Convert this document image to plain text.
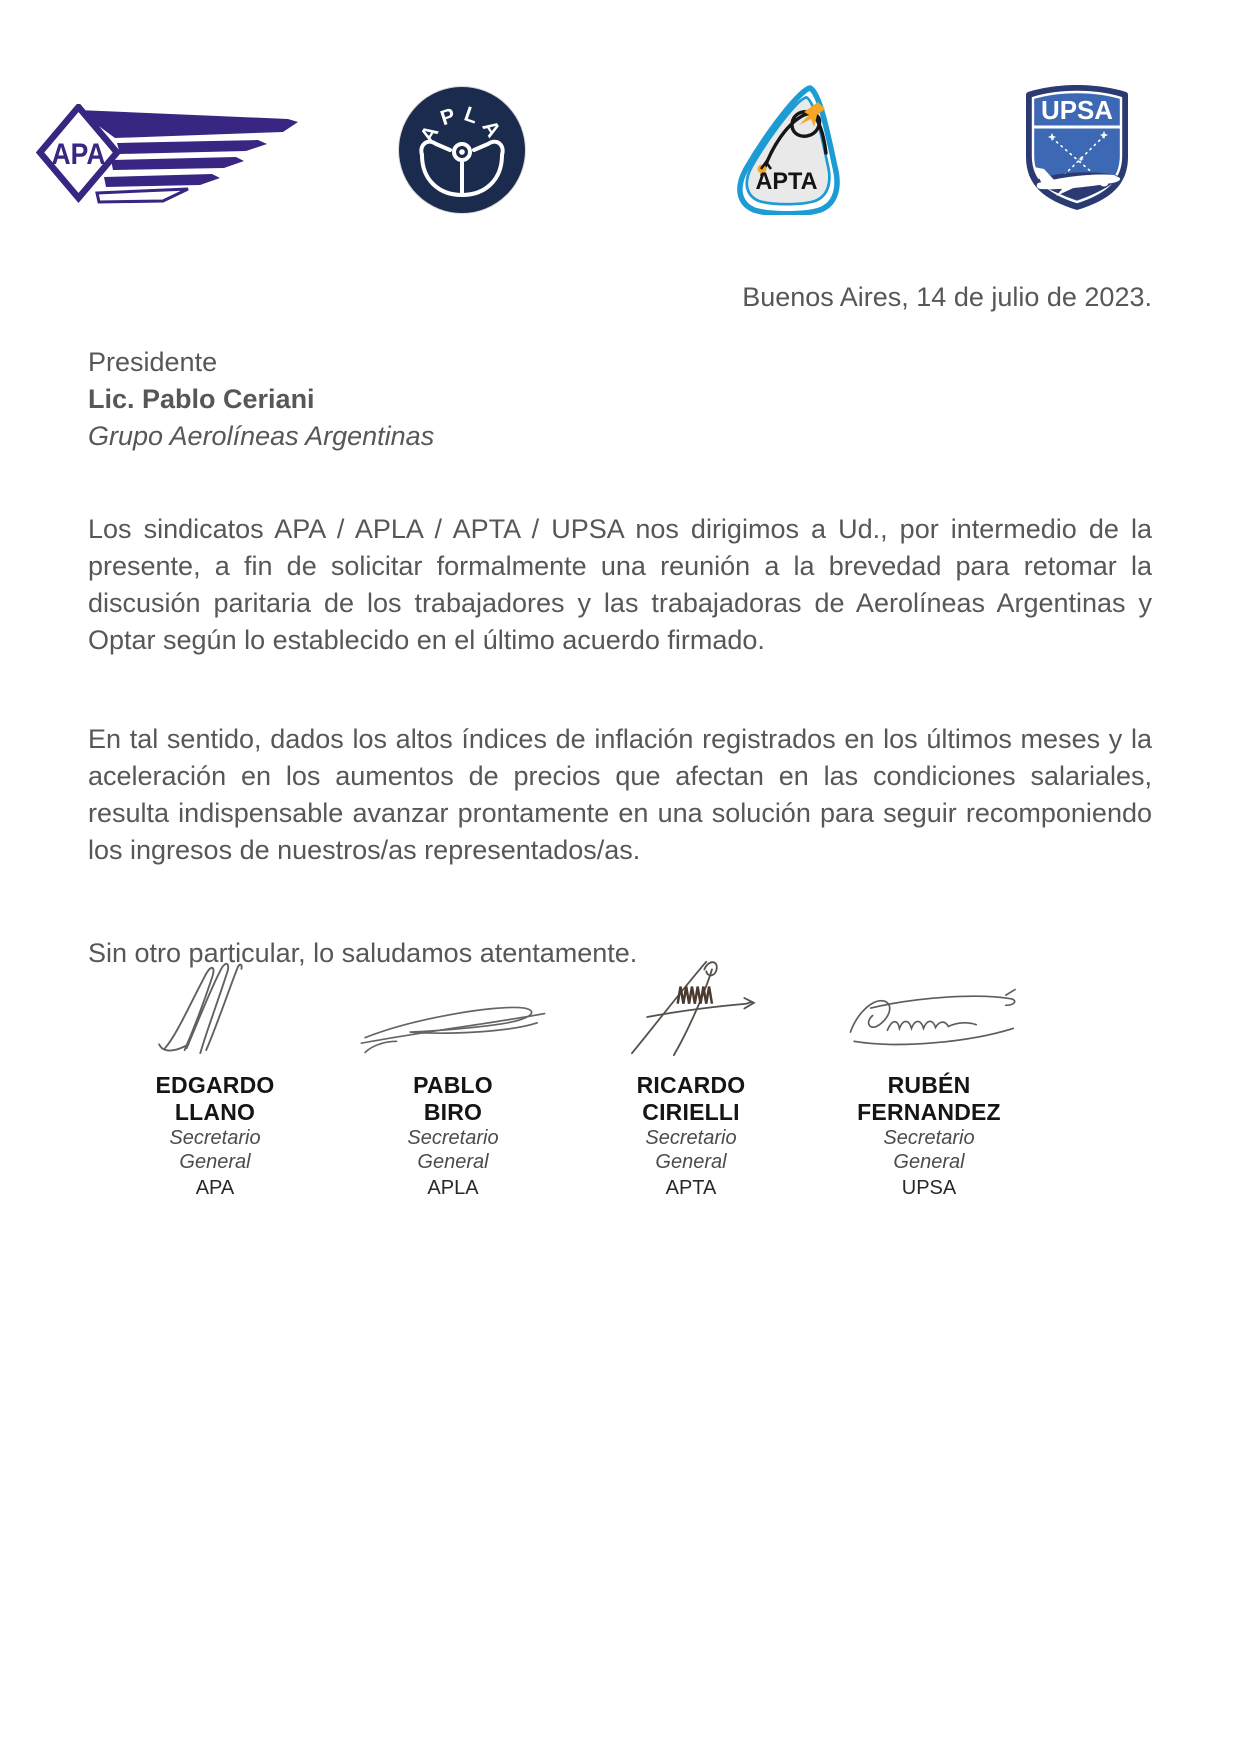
APA
APLA
APTA
UPSA
Buenos Aires, 14 de julio de 2023.
Presidente
Lic. Pablo Ceriani
Grupo Aerolíneas Argentinas

Los sindicatos APA / APLA / APTA / UPSA nos dirigimos a Ud., por intermedio de la presente, a fin de solicitar formalmente una reunión a la brevedad para retomar la discusión paritaria de los trabajadores y las trabajadoras de Aerolíneas Argentinas y Optar según lo establecido en el último acuerdo firmado.

En tal sentido, dados los altos índices de inflación registrados en los últimos meses y la aceleración en los aumentos de precios que afectan en las condiciones salariales, resulta indispensable avanzar prontamente en una solución para seguir recomponiendo los ingresos de nuestros/as representados/as.

Sin otro particular, lo saludamos atentamente.

EDGARDO
LLANO
Secretario
General
APA
PABLO
BIRO
Secretario
General
APLA
RICARDO
CIRIELLI
Secretario
General
APTA
RUBÉN
FERNANDEZ
Secretario
General
UPSA
